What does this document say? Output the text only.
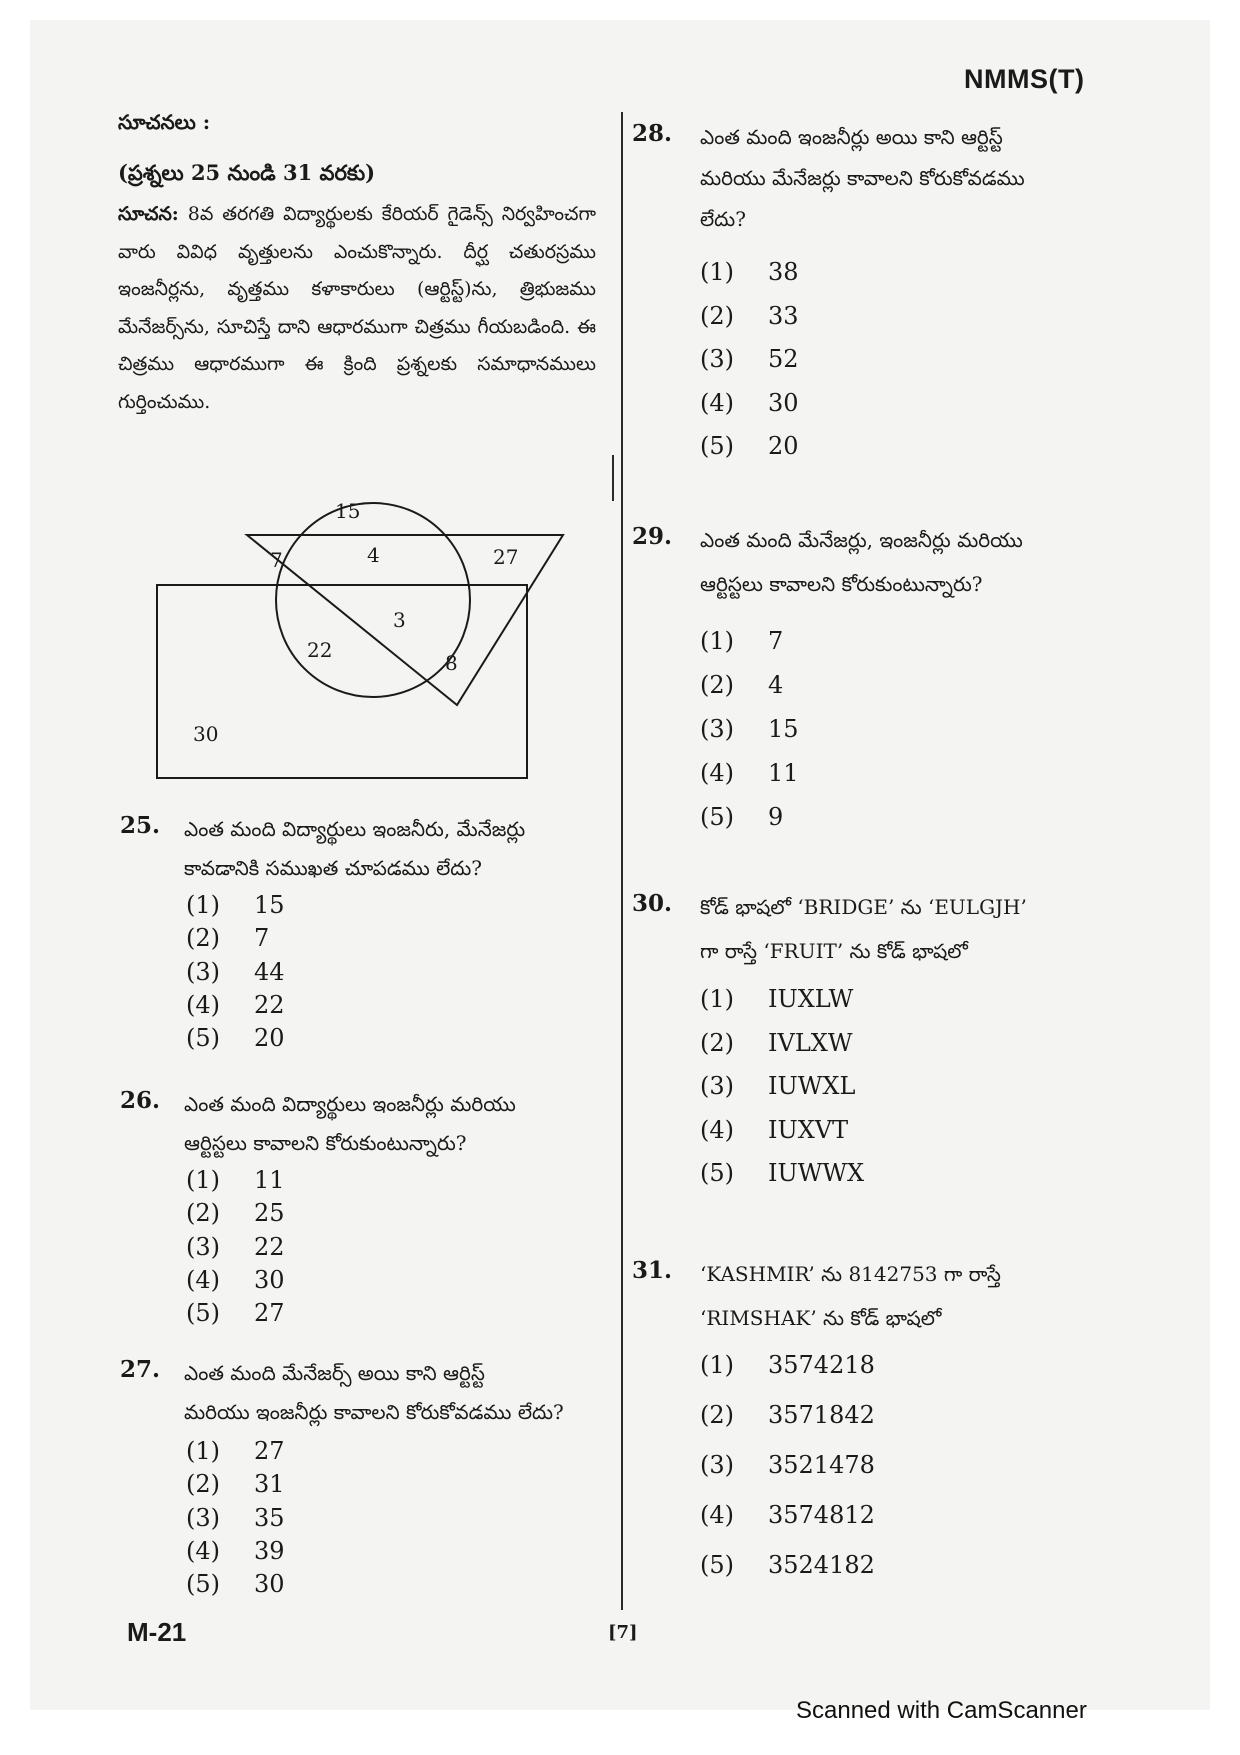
NMMS(T)
సూచనలు :
(ప్రశ్నలు 25 నుండి 31 వరకు)
సూచన: 8వ తరగతి విద్యార్థులకు కేరియర్ గైడెన్స్ నిర్వహించగా వారు వివిధ వృత్తులను ఎంచుకొన్నారు. దీర్ఘ చతురస్రము ఇంజనీర్లను, వృత్తము కళాకారులు (ఆర్టిస్ట్)ను, త్రిభుజము మేనేజర్స్‌ను, సూచిస్తే దాని ఆధారముగా చిత్రము గీయబడింది. ఈ చిత్రము ఆధారముగా ఈ క్రింది ప్రశ్నలకు సమాధానములు గుర్తించుము.
15
7	4	27
3
22
8
30
25. ఎంత మంది విద్యార్థులు ఇంజనీరు, మేనేజర్లు
కావడానికి సముఖత చూపడము లేదు?
(1) 15
(2) 7
(3) 44
(4) 22
(5) 20
26. ఎంత మంది విద్యార్థులు ఇంజనీర్లు మరియు
ఆర్టిస్టలు కావాలని కోరుకుంటున్నారు?
(1) 11
(2) 25
(3) 22
(4) 30
(5) 27
27. ఎంత మంది మేనేజర్స్ అయి కాని ఆర్టిస్ట్
మరియు ఇంజనీర్లు కావాలని కోరుకోవడము లేదు?
(1) 27
(2) 31
(3) 35
(4) 39
(5) 30
28. ఎంత మంది ఇంజనీర్లు అయి కాని ఆర్టిస్ట్
మరియు మేనేజర్లు కావాలని కోరుకోవడము
లేదు?
(1) 38
(2) 33
(3) 52
(4) 30
(5) 20
29. ఎంత మంది మేనేజర్లు, ఇంజనీర్లు మరియు
ఆర్టిస్టలు కావాలని కోరుకుంటున్నారు?
(1) 7
(2) 4
(3) 15
(4) 11
(5) 9
30. కోడ్ భాషలో ‘BRIDGE’ ను ‘EULGJH’
గా రాస్తే ‘FRUIT’ ను కోడ్ భాషలో
(1) IUXLW
(2) IVLXW
(3) IUWXL
(4) IUXVT
(5) IUWWX
31. ‘KASHMIR’ ను 8142753 గా రాస్తే
‘RIMSHAK’ ను కోడ్ భాషలో
(1) 3574218
(2) 3571842
(3) 3521478
(4) 3574812
(5) 3524182
M-21	[7]
Scanned with CamScanner
